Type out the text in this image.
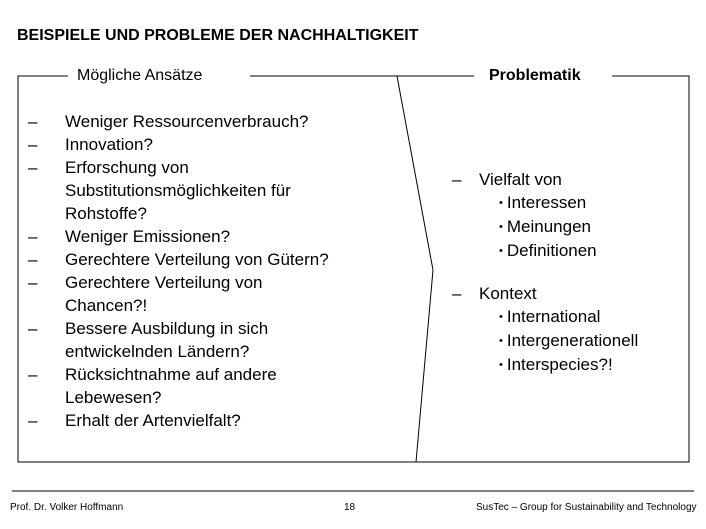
BEISPIELE UND PROBLEME DER NACHHALTIGKEIT
Mögliche Ansätze	Problematik
– Weniger Ressourcenverbrauch?
– Innovation?
– Erforschung von Substitutionsmöglichkeiten für Rohstoffe?
– Weniger Emissionen?
– Gerechtere Verteilung von Gütern?
– Gerechtere Verteilung von Chancen?!
– Bessere Ausbildung in sich entwickelnden Ländern?
– Rücksichtnahme auf andere Lebewesen?
– Erhalt der Artenvielfalt?
– Vielfalt von
• Interessen
• Meinungen
• Definitionen
– Kontext
• International
• Intergenerationell
• Interspecies?!
Prof. Dr. Volker Hoffmann	18	SusTec – Group for Sustainability and Technology
